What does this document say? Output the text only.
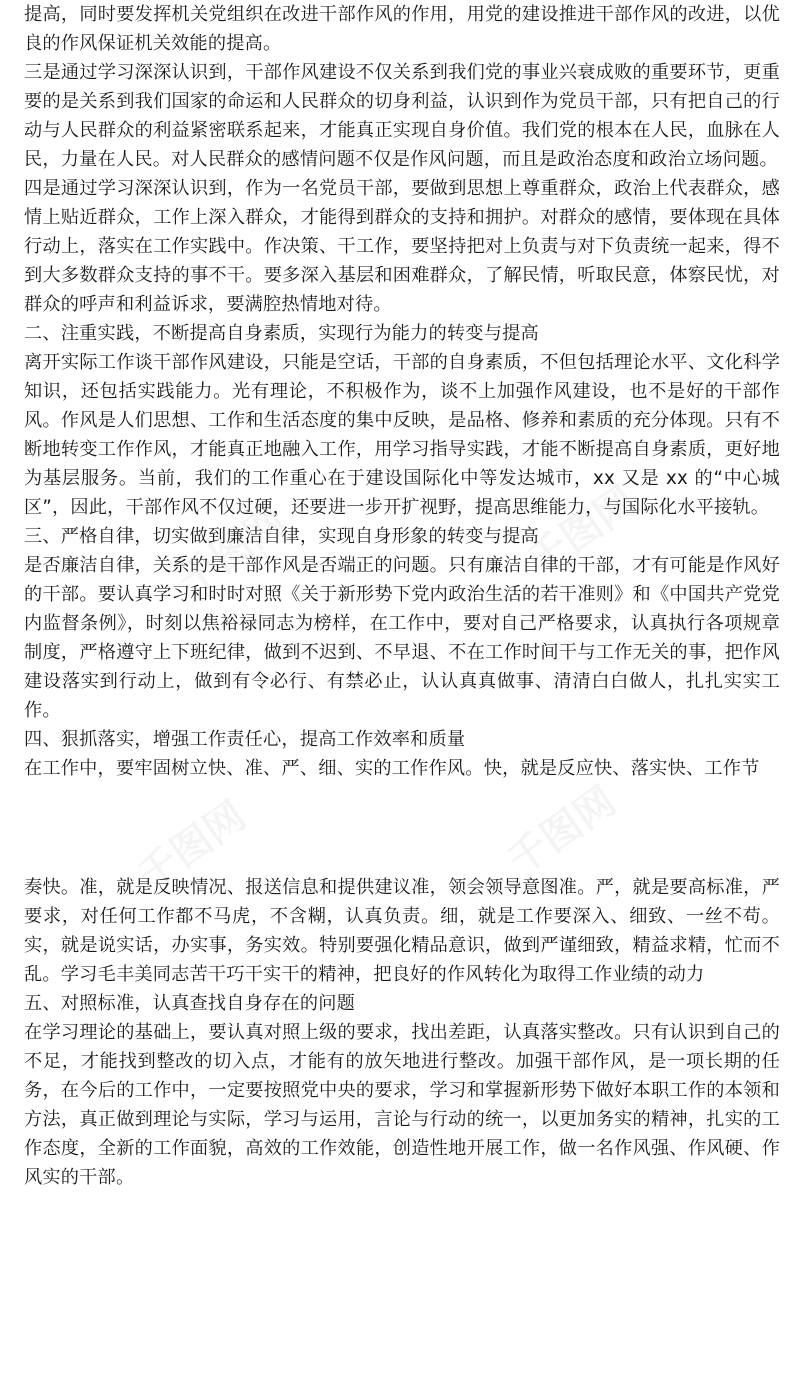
提高，同时要发挥机关党组织在改进干部作风的作用，用党的建设推进干部作风的改进，以优良的作风保证机关效能的提高。

三是通过学习深深认识到，干部作风建设不仅关系到我们党的事业兴衰成败的重要环节，更重要的是关系到我们国家的命运和人民群众的切身利益，认识到作为党员干部，只有把自己的行动与人民群众的利益紧密联系起来，才能真正实现自身价值。我们党的根本在人民，血脉在人民，力量在人民。对人民群众的感情问题不仅是作风问题，而且是政治态度和政治立场问题。

四是通过学习深深认识到，作为一名党员干部，要做到思想上尊重群众，政治上代表群众，感情上贴近群众，工作上深入群众，才能得到群众的支持和拥护。对群众的感情，要体现在具体行动上，落实在工作实践中。作决策、干工作，要坚持把对上负责与对下负责统一起来，得不到大多数群众支持的事不干。要多深入基层和困难群众，了解民情，听取民意，体察民忧，对群众的呼声和利益诉求，要满腔热情地对待。

二、注重实践，不断提高自身素质，实现行为能力的转变与提高

离开实际工作谈干部作风建设，只能是空话，干部的自身素质，不但包括理论水平、文化科学知识，还包括实践能力。光有理论，不积极作为，谈不上加强作风建设，也不是好的干部作风。作风是人们思想、工作和生活态度的集中反映，是品格、修养和素质的充分体现。只有不断地转变工作作风，才能真正地融入工作，用学习指导实践，才能不断提高自身素质，更好地为基层服务。当前，我们的工作重心在于建设国际化中等发达城市，xx 又是 xx 的“中心城区”，因此，干部作风不仅过硬，还要进一步开扩视野，提高思维能力，与国际化水平接轨。

三、严格自律，切实做到廉洁自律，实现自身形象的转变与提高

是否廉洁自律，关系的是干部作风是否端正的问题。只有廉洁自律的干部，才有可能是作风好的干部。要认真学习和时时对照《关于新形势下党内政治生活的若干准则》和《中国共产党党内监督条例》，时刻以焦裕禄同志为榜样，在工作中，要对自己严格要求，认真执行各项规章制度，严格遵守上下班纪律，做到不迟到、不早退、不在工作时间干与工作无关的事，把作风建设落实到行动上，做到有令必行、有禁必止，认认真真做事、清清白白做人，扎扎实实工作。

四、狠抓落实，增强工作责任心，提高工作效率和质量

在工作中，要牢固树立快、准、严、细、实的工作作风。快，就是反应快、落实快、工作节

奏快。准，就是反映情况、报送信息和提供建议准，领会领导意图准。严，就是要高标准，严要求，对任何工作都不马虎，不含糊，认真负责。细，就是工作要深入、细致、一丝不苟。实，就是说实话，办实事，务实效。特别要强化精品意识，做到严谨细致，精益求精，忙而不乱。学习毛丰美同志苦干巧干实干的精神，把良好的作风转化为取得工作业绩的动力

五、对照标准，认真查找自身存在的问题

在学习理论的基础上，要认真对照上级的要求，找出差距，认真落实整改。只有认识到自己的不足，才能找到整改的切入点，才能有的放矢地进行整改。加强干部作风，是一项长期的任务，在今后的工作中，一定要按照党中央的要求，学习和掌握新形势下做好本职工作的本领和方法，真正做到理论与实际，学习与运用，言论与行动的统一，以更加务实的精神，扎实的工作态度，全新的工作面貌，高效的工作效能，创造性地开展工作，做一名作风强、作风硬、作风实的干部。
